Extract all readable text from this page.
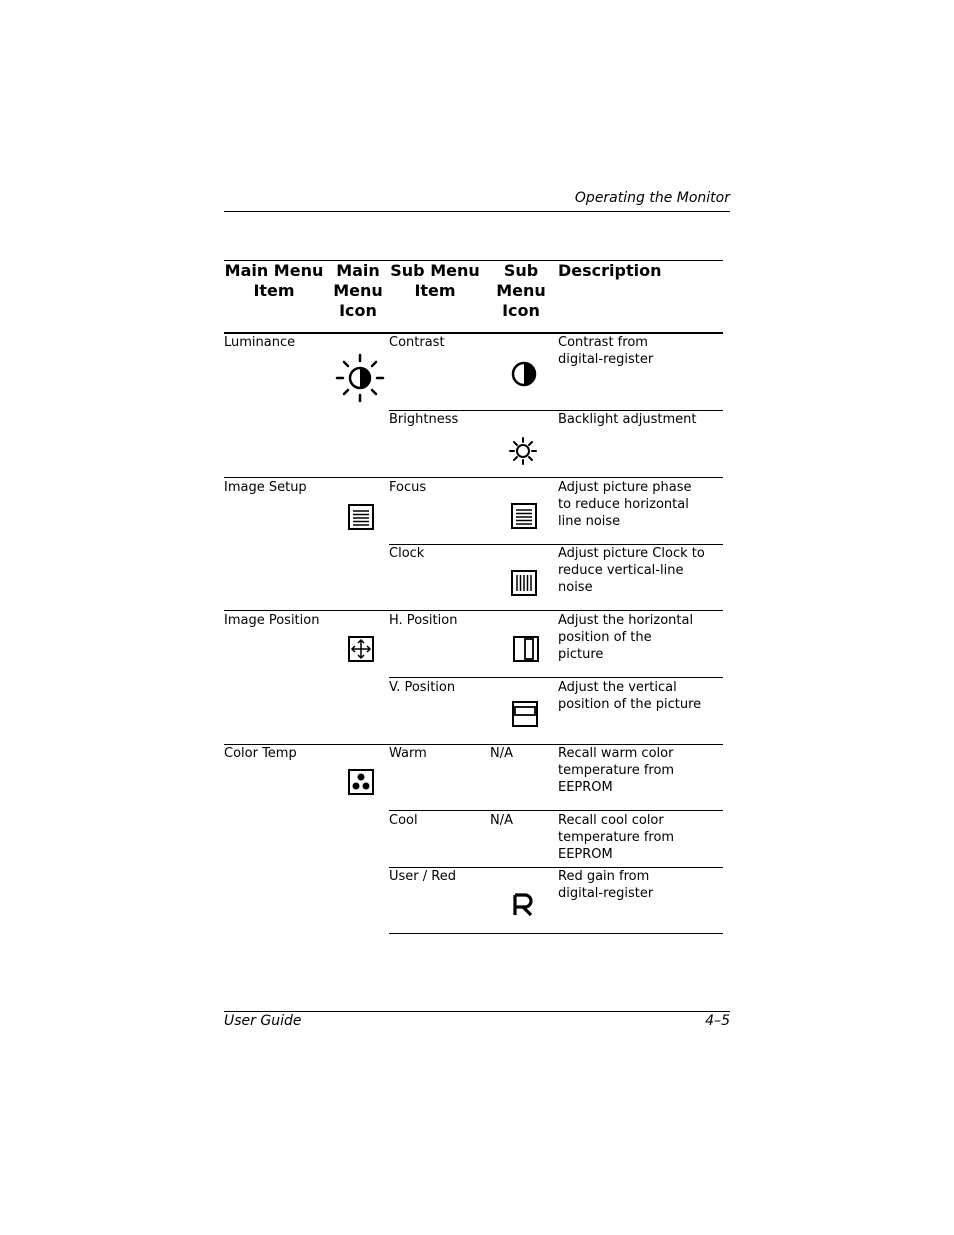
Operating the Monitor
Main Menu Item
Main Menu Icon
Sub Menu Item
Sub Menu Icon
Description
Luminance
Image Setup
Image Position
Color Temp
Contrast
Brightness
Focus
Clock
H. Position
V. Position
Warm
Cool
User / Red
N/A
N/A
Contrast from digital-register
Backlight adjustment
Adjust picture phase to reduce horizontal line noise
Adjust picture Clock to reduce vertical-line noise
Adjust the horizontal position of the picture
Adjust the vertical position of the picture
Recall warm color temperature from EEPROM
Recall cool color temperature from EEPROM
Red gain from digital-register
User Guide	4–5
